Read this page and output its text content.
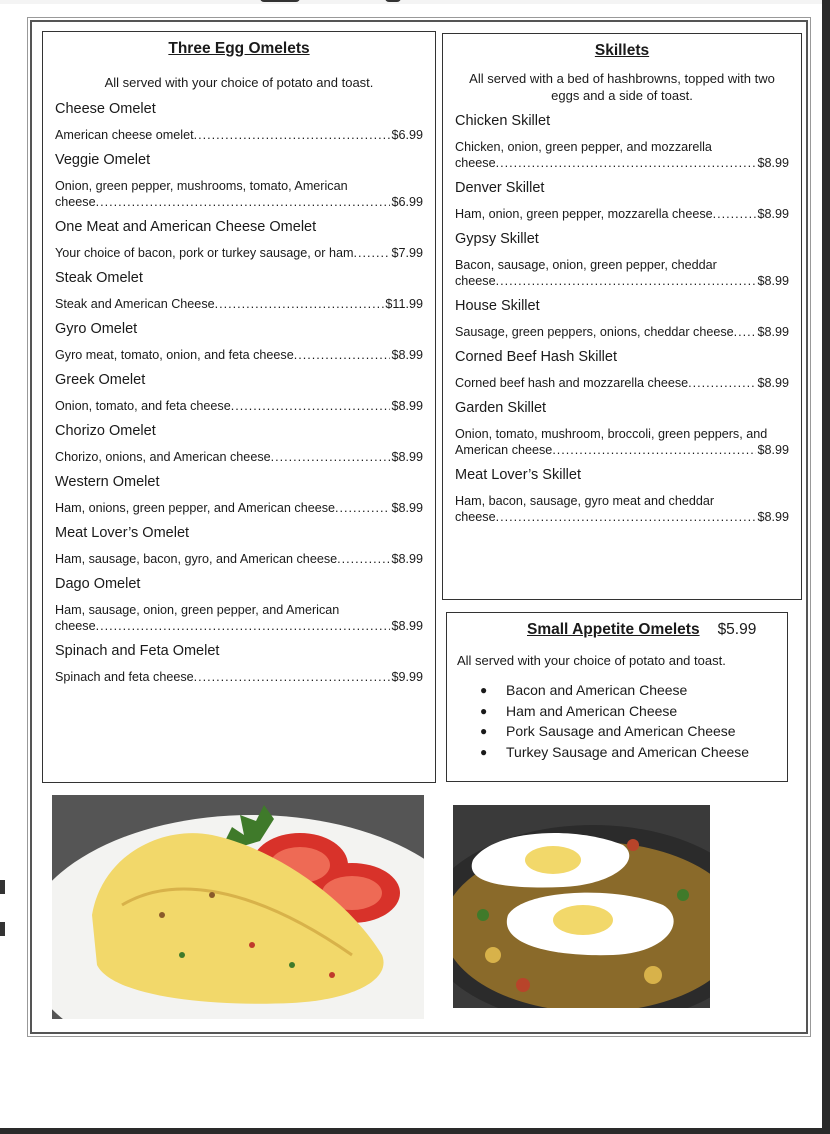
Three Egg Omelets
All served with your choice of potato and toast.
Cheese Omelet
American cheese omelet .....	$6.99
Veggie Omelet
Onion, green pepper, mushrooms, tomato, American
cheese .....	$6.99
One Meat and American Cheese Omelet
Your choice of bacon, pork or turkey sausage, or ham .....	$7.99
Steak Omelet
Steak and American Cheese .....	$11.99
Gyro Omelet
Gyro meat, tomato, onion, and feta cheese .....	$8.99
Greek Omelet
Onion, tomato, and feta cheese .....	$8.99
Chorizo Omelet
Chorizo, onions, and American cheese .....	$8.99
Western Omelet
Ham, onions, green pepper, and American cheese .....	$8.99
Meat Lover’s Omelet
Ham, sausage, bacon, gyro, and American cheese .....	$8.99
Dago Omelet
Ham, sausage, onion, green pepper, and American
cheese .....	$8.99
Spinach and Feta Omelet
Spinach and feta cheese .....	$9.99
Skillets
All served with a bed of hashbrowns, topped with two eggs and a side of toast.
Chicken Skillet
Chicken, onion, green pepper, and mozzarella
cheese .....	$8.99
Denver Skillet
Ham, onion, green pepper, mozzarella cheese .....	$8.99
Gypsy Skillet
Bacon, sausage, onion, green pepper, cheddar
cheese .....	$8.99
House Skillet
Sausage, green peppers, onions, cheddar cheese ..... $8.99
Corned Beef Hash Skillet
Corned beef hash and mozzarella cheese .....	$8.99
Garden Skillet
Onion, tomato, mushroom, broccoli, green peppers, and
American cheese .....	$8.99
Meat Lover’s Skillet
Ham, bacon, sausage, gyro meat and cheddar
cheese .....	$8.99
Small Appetite Omelets $5.99
All served with your choice of potato and toast.
●	Bacon and American Cheese
●	Ham and American Cheese
●	Pork Sausage and American Cheese
●	Turkey Sausage and American Cheese
